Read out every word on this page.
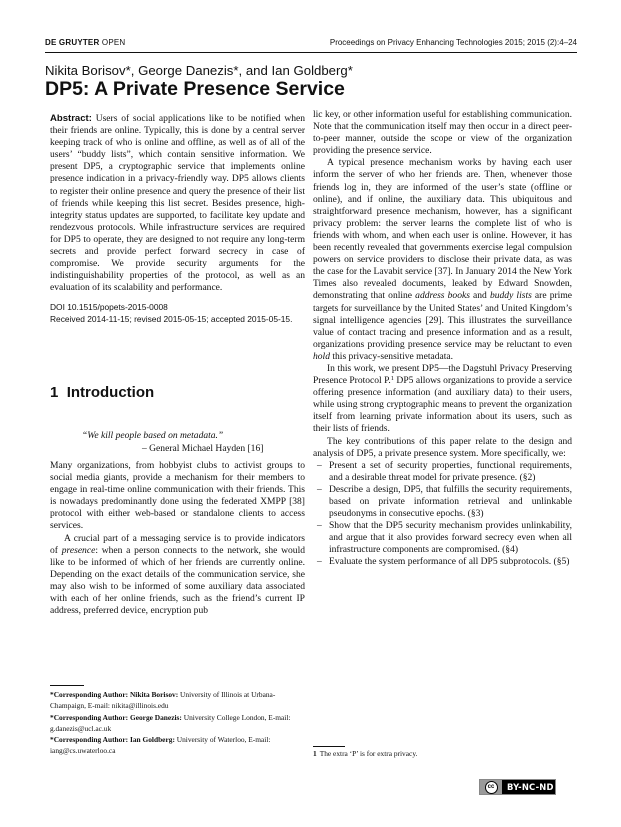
DE GRUYTER OPEN	Proceedings on Privacy Enhancing Technologies 2015; 2015 (2):4–24
Nikita Borisov*, George Danezis*, and Ian Goldberg*
DP5: A Private Presence Service

Abstract: Users of social applications like to be notified when their friends are online. Typically, this is done by a central server keeping track of who is online and offline, as well as of all of the users’ “buddy lists”, which contain sensitive information. We present DP5, a cryptographic service that implements online presence indication in a privacy-friendly way. DP5 allows clients to register their online presence and query the presence of their list of friends while keeping this list secret. Besides presence, high-integrity status updates are supported, to facilitate key update and rendezvous protocols. While infrastructure services are required for DP5 to operate, they are designed to not require any long-term secrets and provide perfect forward secrecy in case of compromise. We provide security arguments for the indistinguishability properties of the protocol, as well as an evaluation of its scalability and performance.

DOI 10.1515/popets-2015-0008

Received 2014-11-15; revised 2015-05-15; accepted 2015-05-15.

1 Introduction
“We kill people based on metadata.”
– General Michael Hayden [16]

Many organizations, from hobbyist clubs to activist groups to social media giants, provide a mechanism for their members to engage in real-time online communication with their friends. This is nowadays predominantly done using the federated XMPP [38] protocol with either web-based or standalone clients to access services.

A crucial part of a messaging service is to provide indicators of presence: when a person connects to the network, she would like to be informed of which of her friends are currently online. Depending on the exact details of the communication service, she may also wish to be informed of some auxiliary data associated with each of her online friends, such as the friend’s current IP address, preferred device, encryption pub

*Corresponding Author: Nikita Borisov: University of Illinois at Urbana-Champaign, E-mail: nikita@illinois.edu
*Corresponding Author: George Danezis: University College London, E-mail: g.danezis@ucl.ac.uk
*Corresponding Author: Ian Goldberg: University of Waterloo, E-mail: iang@cs.uwaterloo.ca

lic key, or other information useful for establishing communication. Note that the communication itself may then occur in a direct peer-to-peer manner, outside the scope or view of the organization providing the presence service.

A typical presence mechanism works by having each user inform the server of who her friends are. Then, whenever those friends log in, they are informed of the user’s state (offline or online), and if online, the auxiliary data. This ubiquitous and straightforward presence mechanism, however, has a significant privacy problem: the server learns the complete list of who is friends with whom, and when each user is online. However, it has been recently revealed that governments exercise legal compulsion powers on service providers to disclose their private data, as was the case for the Lavabit service [37]. In January 2014 the New York Times also revealed documents, leaked by Edward Snowden, demonstrating that online address books and buddy lists are prime targets for surveillance by the United States’ and United Kingdom’s signal intelligence agencies [29]. This illustrates the surveillance value of contact tracing and presence information and as a result, organizations providing presence service may be reluctant to even hold this privacy-sensitive metadata.

In this work, we present DP5—the Dagstuhl Privacy Preserving Presence Protocol P.$^1$ DP5 allows organizations to provide a service offering presence information (and auxiliary data) to their users, while using strong cryptographic means to prevent the organization itself from learning private information about its users, such as their lists of friends.

The key contributions of this paper relate to the design and analysis of DP5, a private presence system. More specifically, we:

– Present a set of security properties, functional requirements, and a desirable threat model for private presence. (§2)
– Describe a design, DP5, that fulfills the security requirements, based on private information retrieval and unlinkable pseudonyms in consecutive epochs. (§3)
– Show that the DP5 security mechanism provides unlinkability, and argue that it also provides forward secrecy even when all infrastructure components are compromised. (§4)
– Evaluate the system performance of all DP5 subprotocols. (§5)
1 The extra ‘P’ is for extra privacy.
cc	BY-NC-ND
